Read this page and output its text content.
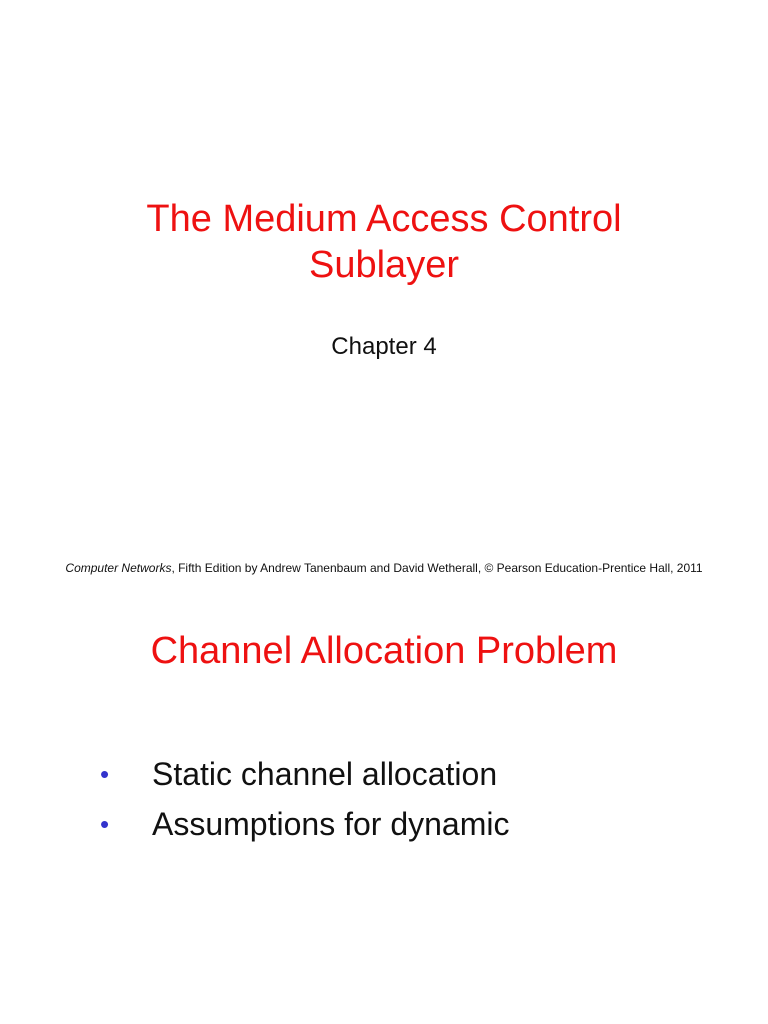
The Medium Access Control
Sublayer
Chapter 4
Computer Networks, Fifth Edition by Andrew Tanenbaum and David Wetherall, © Pearson Education-Prentice Hall, 2011
Channel Allocation Problem
• Static channel allocation
• Assumptions for dynamic
